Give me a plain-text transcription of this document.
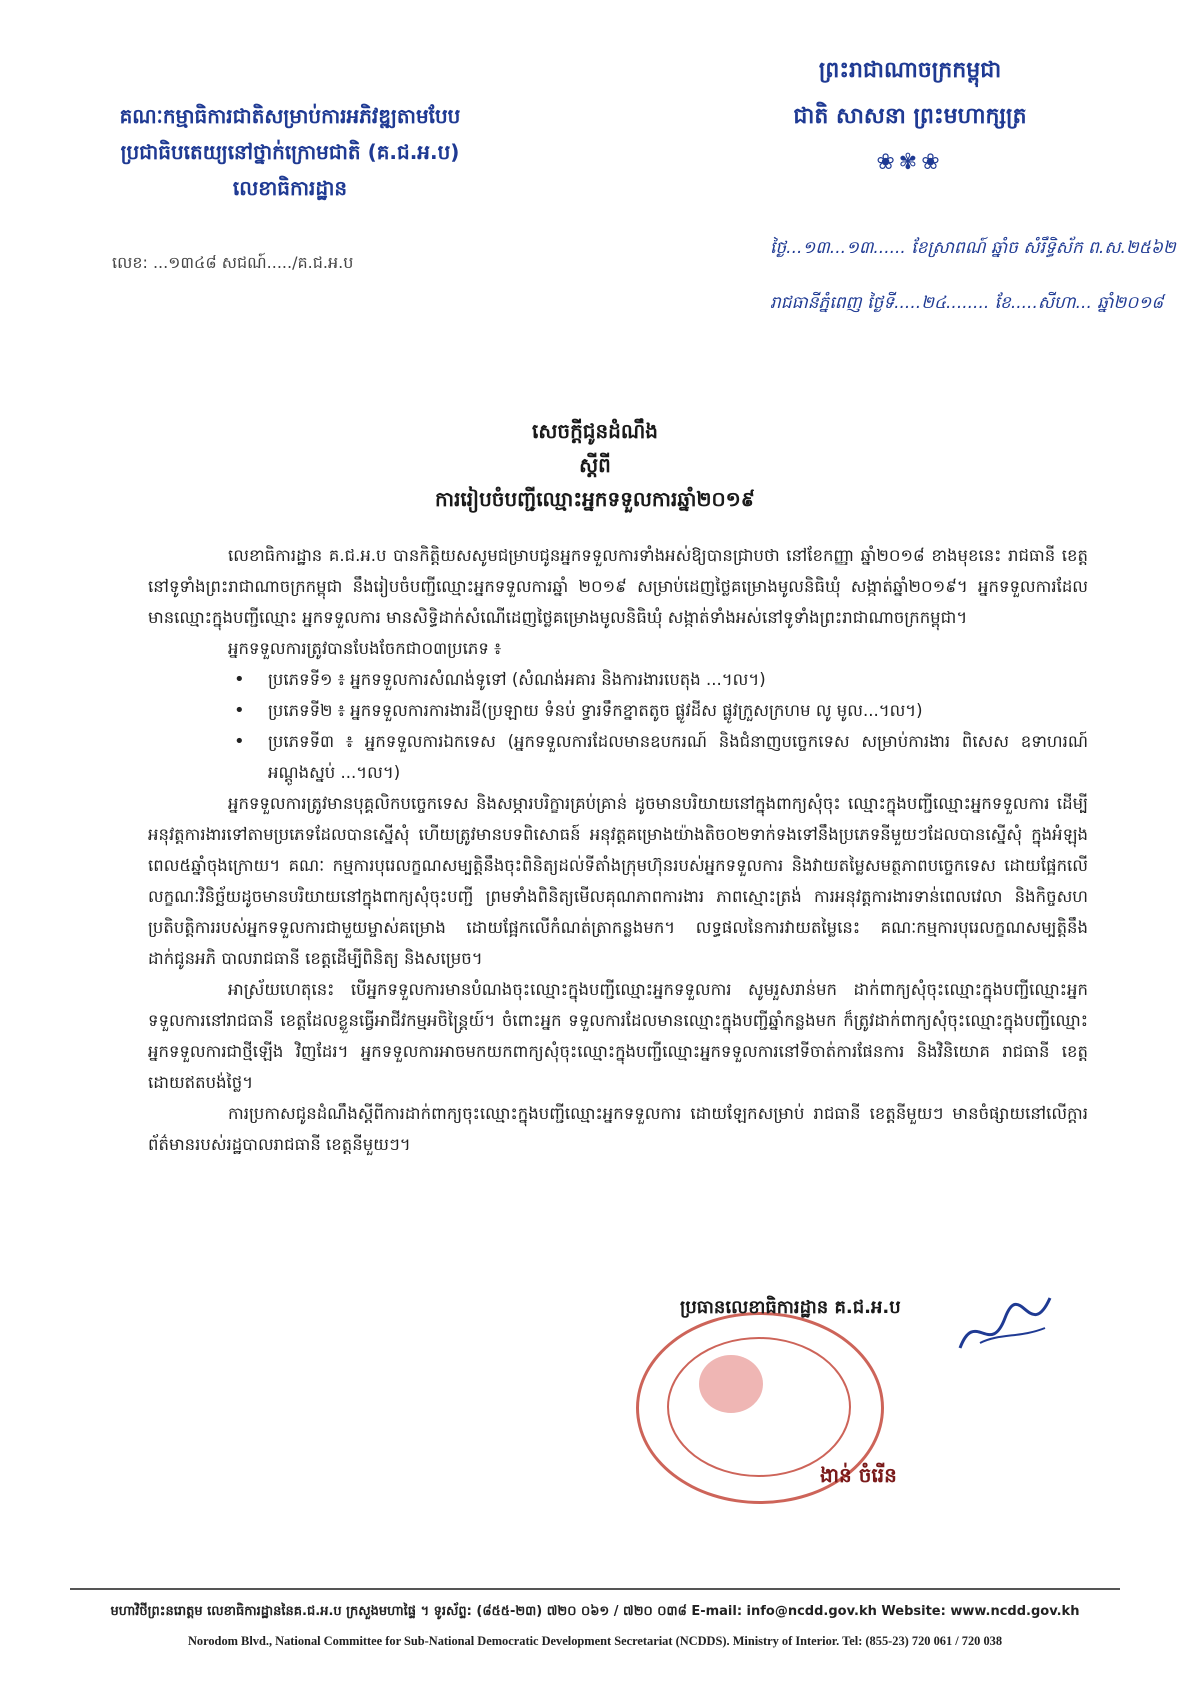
គណៈកម្មាធិការជាតិសម្រាប់ការអភិវឌ្ឍតាមបែប
ប្រជាធិបតេយ្យនៅថ្នាក់ក្រោមជាតិ (គ.ជ.អ.ប)
លេខាធិការដ្ឋាន
ព្រះរាជាណាចក្រកម្ពុជា
ជាតិ សាសនា ព្រះមហាក្សត្រ
❀✾❀
លេខ: ...១៣៤៨ សជណ៍...../គ.ជ.អ.ប
ថ្ងៃ...១៣...១៣...... ខែស្រាពណ៍ ឆ្នាំច សំរឹទ្ធិស័ក ព.ស.២៥៦២
រាជធានីភ្នំពេញ ថ្ងៃទី.....២៤........ ខែ.....សីហា... ឆ្នាំ២០១៨
សេចក្តីជូនដំណឹង
ស្តីពី
ការរៀបចំបញ្ជីឈ្មោះអ្នកទទួលការឆ្នាំ២០១៩

លេខាធិការដ្ឋាន គ.ជ.អ.ប បានកិត្តិយសសូមជម្រាបជូនអ្នកទទួលការទាំងអស់ឱ្យបានជ្រាបថា នៅខែកញ្ញា ឆ្នាំ២០១៨ ខាងមុខនេះ រាជធានី ខេត្តនៅទូទាំងព្រះរាជាណាចក្រកម្ពុជា នឹងរៀបចំបញ្ជីឈ្មោះអ្នកទទួលការឆ្នាំ ២០១៩ សម្រាប់ដេញថ្លៃគម្រោងមូលនិធិឃុំ សង្កាត់ឆ្នាំ២០១៩។ អ្នកទទួលការដែលមានឈ្មោះក្នុងបញ្ជីឈ្មោះ អ្នកទទួលការ មានសិទ្ធិដាក់សំណើដេញថ្លៃគម្រោងមូលនិធិឃុំ សង្កាត់ទាំងអស់នៅទូទាំងព្រះរាជាណាចក្រកម្ពុជា។

អ្នកទទួលការត្រូវបានបែងចែកជា០៣ប្រភេទ ៖

• ប្រភេទទី១ ៖ អ្នកទទួលការសំណង់ទូទៅ (សំណង់អគារ និងការងារបេតុង ...។ល។)
• ប្រភេទទី២ ៖ អ្នកទទួលការការងារដី(ប្រឡាយ ទំនប់ ទ្វារទឹកខ្នាតតូច ផ្លូវដីស ផ្លូវក្រួសក្រហម លូ មូល...។ល។)
• ប្រភេទទី៣ ៖ អ្នកទទួលការឯកទេស (អ្នកទទួលការដែលមានឧបករណ៍ និងជំនាញបច្ចេកទេស សម្រាប់ការងារ ពិសេស ឧទាហរណ៍ អណ្តូងស្នប់ ...។ល។)

អ្នកទទួលការត្រូវមានបុគ្គលិកបច្ចេកទេស និងសម្ភារបរិក្ខារគ្រប់គ្រាន់ ដូចមានបរិយាយនៅក្នុងពាក្យសុំចុះ ឈ្មោះក្នុងបញ្ជីឈ្មោះអ្នកទទួលការ ដើម្បីអនុវត្តការងារទៅតាមប្រភេទដែលបានស្នើសុំ ហើយត្រូវមានបទពិសោធន៍ អនុវត្តគម្រោងយ៉ាងតិច០២ទាក់ទងទៅនឹងប្រភេទនីមួយៗដែលបានស្នើសុំ ក្នុងអំឡុងពេល៥ឆ្នាំចុងក្រោយ។ គណៈ កម្មការបុរេលក្ខណសម្បត្តិនឹងចុះពិនិត្យដល់ទីតាំងក្រុមហ៊ុនរបស់អ្នកទទួលការ និងវាយតម្លៃសមត្ថភាពបច្ចេកទេស ដោយផ្អែកលើលក្ខណៈវិនិច្ឆ័យដូចមានបរិយាយនៅក្នុងពាក្យសុំចុះបញ្ជី ព្រមទាំងពិនិត្យមើលគុណភាពការងារ ភាពស្មោះត្រង់ ការអនុវត្តការងារទាន់ពេលវេលា និងកិច្ចសហប្រតិបត្តិការរបស់អ្នកទទួលការជាមួយម្ចាស់គម្រោង ដោយផ្អែកលើកំណត់ត្រាកន្លងមក។ លទ្ធផលនៃការវាយតម្លៃនេះ គណៈកម្មការបុរេលក្ខណសម្បត្តិនឹងដាក់ជូនអភិ បាលរាជធានី ខេត្តដើម្បីពិនិត្យ និងសម្រេច។

អាស្រ័យហេតុនេះ បើអ្នកទទួលការមានបំណងចុះឈ្មោះក្នុងបញ្ជីឈ្មោះអ្នកទទួលការ សូមរួសរាន់មក ដាក់ពាក្យសុំចុះឈ្មោះក្នុងបញ្ជីឈ្មោះអ្នកទទួលការនៅរាជធានី ខេត្តដែលខ្លួនធ្វើអាជីវកម្មអចិន្ត្រៃយ៍។ ចំពោះអ្នក ទទួលការដែលមានឈ្មោះក្នុងបញ្ជីឆ្នាំកន្លងមក ក៏ត្រូវដាក់ពាក្យសុំចុះឈ្មោះក្នុងបញ្ជីឈ្មោះអ្នកទទួលការជាថ្មីឡើង វិញដែរ។ អ្នកទទួលការអាចមកយកពាក្យសុំចុះឈ្មោះក្នុងបញ្ជីឈ្មោះអ្នកទទួលការនៅទីចាត់ការផែនការ និងវិនិយោគ រាជធានី ខេត្តដោយឥតបង់ថ្លៃ។

ការប្រកាសជូនដំណឹងស្តីពីការដាក់ពាក្យចុះឈ្មោះក្នុងបញ្ជីឈ្មោះអ្នកទទួលការ ដោយឡែកសម្រាប់ រាជធានី ខេត្តនីមួយៗ មានចំផ្សាយនៅលើក្តារព័ត៌មានរបស់រដ្ឋបាលរាជធានី ខេត្តនីមួយៗ។

ប្រធានលេខាធិការដ្ឋាន គ.ជ.អ.ប
ងាន់ ចំរើន
មហាវិថីព្រះនរោត្តម លេខាធិការដ្ឋាននៃគ.ជ.អ.ប ក្រសួងមហាផ្ទៃ ។ ទូរស័ព្ទ: (៨៥៥-២៣) ៧២០ ០៦១ / ៧២០ ០៣៨ E-mail: info@ncdd.gov.kh Website: www.ncdd.gov.kh
Norodom Blvd., National Committee for Sub-National Democratic Development Secretariat (NCDDS). Ministry of Interior. Tel: (855-23) 720 061 / 720 038
